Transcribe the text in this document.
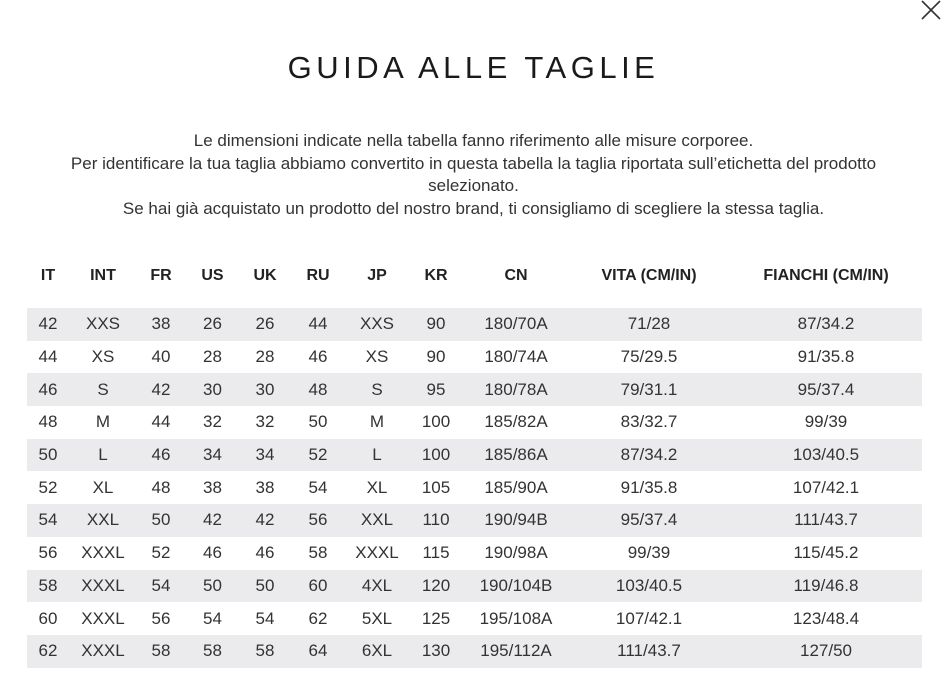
GUIDA ALLE TAGLIE

Le dimensioni indicate nella tabella fanno riferimento alle misure corporee.

Per identificare la tua taglia abbiamo convertito in questa tabella la taglia riportata sull’etichetta del prodotto selezionato.

Se hai già acquistato un prodotto del nostro brand, ti consigliamo di scegliere la stessa taglia.

IT	INT	FR	US	UK	RU	JP	KR	CN	VITA (CM/IN)	FIANCHI (CM/IN)
42	XXS	38	26	26	44	XXS	90	180/70A	71/28	87/34.2
44	XS	40	28	28	46	XS	90	180/74A	75/29.5	91/35.8
46	S	42	30	30	48	S	95	180/78A	79/31.1	95/37.4
48	M	44	32	32	50	M	100	185/82A	83/32.7	99/39
50	L	46	34	34	52	L	100	185/86A	87/34.2	103/40.5
52	XL	48	38	38	54	XL	105	185/90A	91/35.8	107/42.1
54	XXL	50	42	42	56	XXL	110	190/94B	95/37.4	111/43.7
56	XXXL	52	46	46	58	XXXL	115	190/98A	99/39	115/45.2
58	XXXL	54	50	50	60	4XL	120	190/104B	103/40.5	119/46.8
60	XXXL	56	54	54	62	5XL	125	195/108A	107/42.1	123/48.4
62	XXXL	58	58	58	64	6XL	130	195/112A	111/43.7	127/50
